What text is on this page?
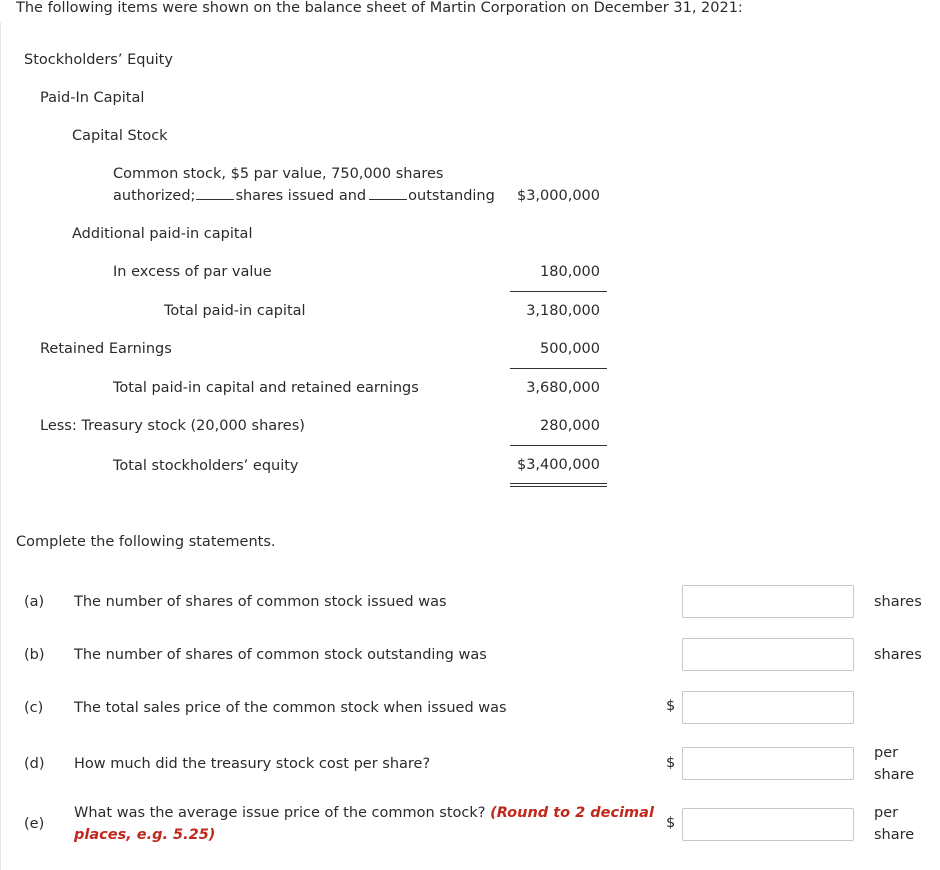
The following items were shown on the balance sheet of Martin Corporation on December 31, 2021:
Stockholders’ Equity
Paid-In Capital
Capital Stock
Common stock, $5 par value, 750,000 shares
authorized;	shares issued and	outstanding $3,000,000
Additional paid-in capital
In excess of par value	180,000
Total paid-in capital	3,180,000
Retained Earnings	500,000
Total paid-in capital and retained earnings	3,680,000
Less: Treasury stock (20,000 shares)	280,000
Total stockholders’ equity	$3,400,000
Complete the following statements.
(a) The number of shares of common stock issued was	shares
(b) The number of shares of common stock outstanding was	shares
(c) The total sales price of the common stock when issued was	$
(d) How much did the treasury stock cost per share?	$
per share
(e)
What was the average issue price of the common stock? (Round to 2 decimal
places, e.g. 5.25)
$
per share
